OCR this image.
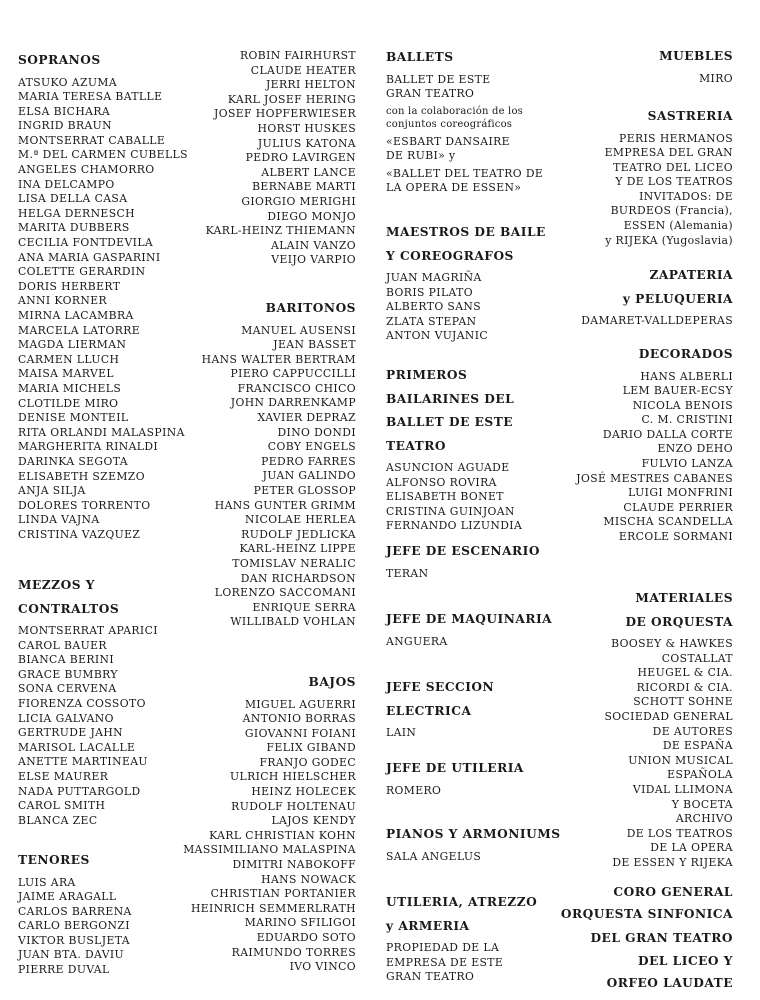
SOPRANOS
ATSUKO AZUMA
MARIA TERESA BATLLE
ELSA BICHARA
INGRID BRAUN
MONTSERRAT CABALLE
M.ª DEL CARMEN CUBELLS
ANGELES CHAMORRO
INA DELCAMPO
LISA DELLA CASA
HELGA DERNESCH
MARITA DUBBERS
CECILIA FONTDEVILA
ANA MARIA GASPARINI
COLETTE GERARDIN
DORIS HERBERT
ANNI KORNER
MIRNA LACAMBRA
MARCELA LATORRE
MAGDA LIERMAN
CARMEN LLUCH
MAISA MARVEL
MARIA MICHELS
CLOTILDE MIRO
DENISE MONTEIL
RITA ORLANDI MALASPINA
MARGHERITA RINALDI
DARINKA SEGOTA
ELISABETH SZEMZO
ANJA SILJA
DOLORES TORRENTO
LINDA VAJNA
CRISTINA VAZQUEZ
MEZZOS Y
CONTRALTOS
MONTSERRAT APARICI
CAROL BAUER
BIANCA BERINI
GRACE BUMBRY
SONA CERVENA
FIORENZA COSSOTO
LICIA GALVANO
GERTRUDE JAHN
MARISOL LACALLE
ANETTE MARTINEAU
ELSE MAURER
NADA PUTTARGOLD
CAROL SMITH
BLANCA ZEC
TENORES
LUIS ARA
JAIME ARAGALL
CARLOS BARRENA
CARLO BERGONZI
VIKTOR BUSLJETA
JUAN BTA. DAVIU
PIERRE DUVAL
ROBIN FAIRHURST
CLAUDE HEATER
JERRI HELTON
KARL JOSEF HERING
JOSEF HOPFERWIESER
HORST HUSKES
JULIUS KATONA
PEDRO LAVIRGEN
ALBERT LANCE
BERNABE MARTI
GIORGIO MERIGHI
DIEGO MONJO
KARL-HEINZ THIEMANN
ALAIN VANZO
VEIJO VARPIO
BARITONOS
MANUEL AUSENSI
JEAN BASSET
HANS WALTER BERTRAM
PIERO CAPPUCCILLI
FRANCISCO CHICO
JOHN DARRENKAMP
XAVIER DEPRAZ
DINO DONDI
COBY ENGELS
PEDRO FARRES
JUAN GALINDO
PETER GLOSSOP
HANS GUNTER GRIMM
NICOLAE HERLEA
RUDOLF JEDLICKA
KARL-HEINZ LIPPE
TOMISLAV NERALIC
DAN RICHARDSON
LORENZO SACCOMANI
ENRIQUE SERRA
WILLIBALD VOHLAN
BAJOS
MIGUEL AGUERRI
ANTONIO BORRAS
GIOVANNI FOIANI
FELIX GIBAND
FRANJO GODEC
ULRICH HIELSCHER
HEINZ HOLECEK
RUDOLF HOLTENAU
LAJOS KENDY
KARL CHRISTIAN KOHN
MASSIMILIANO MALASPINA
DIMITRI NABOKOFF
HANS NOWACK
CHRISTIAN PORTANIER
HEINRICH SEMMERLRATH
MARINO SFILIGOI
EDUARDO SOTO
RAIMUNDO TORRES
IVO VINCO
BALLETS
BALLET DE ESTE
GRAN TEATRO
con la colaboración de los
conjuntos coreográficos
«ESBART DANSAIRE
DE RUBI» y
«BALLET DEL TEATRO DE
LA OPERA DE ESSEN»
MAESTROS DE BAILE
Y COREOGRAFOS
JUAN MAGRIÑA
BORIS PILATO
ALBERTO SANS
ZLATA STEPAN
ANTON VUJANIC
PRIMEROS
BAILARINES DEL
BALLET DE ESTE
TEATRO
ASUNCION AGUADE
ALFONSO ROVIRA
ELISABETH BONET
CRISTINA GUINJOAN
FERNANDO LIZUNDIA
JEFE DE ESCENARIO
TERAN
JEFE DE MAQUINARIA
ANGUERA
JEFE SECCION
ELECTRICA
LAIN
JEFE DE UTILERIA
ROMERO
PIANOS Y ARMONIUMS
SALA ANGELUS
UTILERIA, ATREZZO
y ARMERIA
PROPIEDAD DE LA
EMPRESA DE ESTE
GRAN TEATRO
MUEBLES
MIRO
SASTRERIA
PERIS HERMANOS
EMPRESA DEL GRAN
TEATRO DEL LICEO
Y DE LOS TEATROS
INVITADOS: DE
BURDEOS (Francia),
ESSEN (Alemania)
y RIJEKA (Yugoslavia)
ZAPATERIA
y PELUQUERIA
DAMARET-VALLDEPERAS
DECORADOS
HANS ALBERLI
LEM BAUER-ECSY
NICOLA BENOIS
C. M. CRISTINI
DARIO DALLA CORTE
ENZO DEHO
FULVIO LANZA
JOSÉ MESTRES CABANES
LUIGI MONFRINI
CLAUDE PERRIER
MISCHA SCANDELLA
ERCOLE SORMANI
MATERIALES
DE ORQUESTA
BOOSEY & HAWKES
COSTALLAT
HEUGEL & CIA.
RICORDI & CIA.
SCHOTT SOHNE
SOCIEDAD GENERAL
DE AUTORES
DE ESPAÑA
UNION MUSICAL
ESPAÑOLA
VIDAL LLIMONA
Y BOCETA
ARCHIVO
DE LOS TEATROS
DE LA OPERA
DE ESSEN Y RIJEKA
CORO GENERAL
ORQUESTA SINFONICA
DEL GRAN TEATRO
DEL LICEO Y
ORFEO LAUDATE
